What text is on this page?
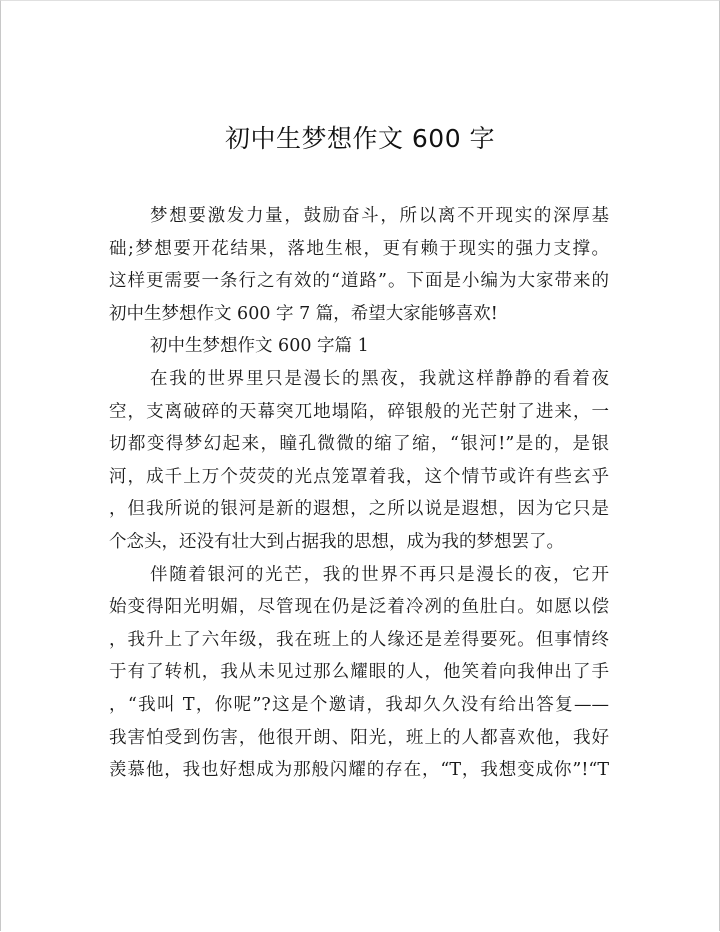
初中生梦想作文 600 字
梦想要激发力量，鼓励奋斗，所以离不开现实的深厚基
础;梦想要开花结果，落地生根，更有赖于现实的强力支撑。
这样更需要一条行之有效的“道路”。下面是小编为大家带来的
初中生梦想作文 600 字 7 篇，希望大家能够喜欢!
初中生梦想作文 600 字篇 1
在我的世界里只是漫长的黑夜，我就这样静静的看着夜
空，支离破碎的天幕突兀地塌陷，碎银般的光芒射了进来，一
切都变得梦幻起来，瞳孔微微的缩了缩，“银河!”是的，是银
河，成千上万个荧荧的光点笼罩着我，这个情节或许有些玄乎
，但我所说的银河是新的遐想，之所以说是遐想，因为它只是
个念头，还没有壮大到占据我的思想，成为我的梦想罢了。
伴随着银河的光芒，我的世界不再只是漫长的夜，它开
始变得阳光明媚，尽管现在仍是泛着冷冽的鱼肚白。如愿以偿
，我升上了六年级，我在班上的人缘还是差得要死。但事情终
于有了转机，我从未见过那么耀眼的人，他笑着向我伸出了手
，“我叫 T，你呢”?这是个邀请，我却久久没有给出答复——
我害怕受到伤害，他很开朗、阳光，班上的人都喜欢他，我好
羡慕他，我也好想成为那般闪耀的存在，“T，我想变成你”!“T
